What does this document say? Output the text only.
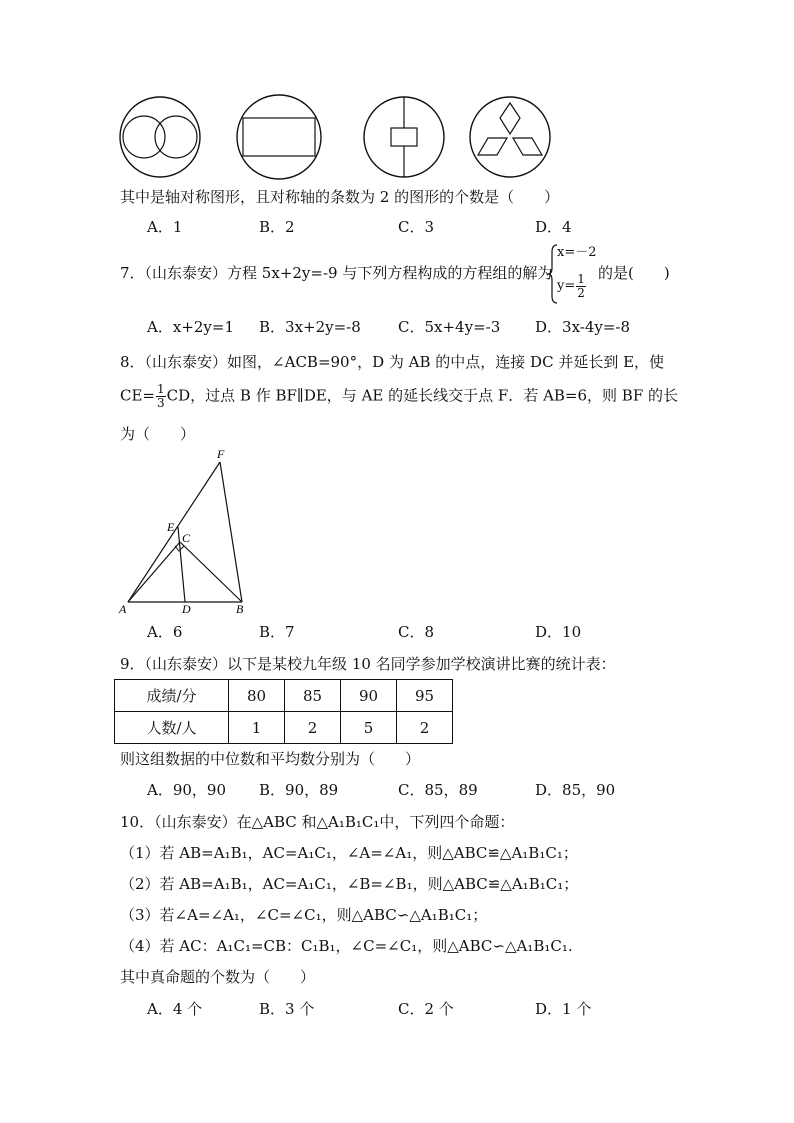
其中是轴对称图形，且对称轴的条数为 2 的图形的个数是（　　）
A．1	B．2	C．3	D．4
7．（山东泰安）方程 5x+2y=-9 与下列方程构成的方程组的解为
x=－2
$y= \frac{1}{2}$ 的是(　　)
A．x+2y=1 B．3x+2y=-8 C．5x+4y=-3 D．3x-4y=-8
8．（山东泰安）如图，∠ACB=90°，D 为 AB 的中点，连接 DC 并延长到 E，使
$CE= \frac{1}{3}$ CD，过点 B 作 BF∥DE，与 AE 的延长线交于点 F．若 AB=6，则 BF 的长
为（　　）
F
E
C
A	D	B
A．6	B．7	C．8	D．10
9．（山东泰安）以下是某校九年级 10 名同学参加学校演讲比赛的统计表：
成绩/分	80	85	90	95
人数/人	1	2	5	2
则这组数据的中位数和平均数分别为（　　）
A．90，90 B．90，89	C．85，89	D．85，90
10．（山东泰安）在△ABC 和△A₁B₁C₁中，下列四个命题：
（1）若 AB=A₁B₁，AC=A₁C₁，∠A=∠A₁，则△ABC≌△A₁B₁C₁；
（2）若 AB=A₁B₁，AC=A₁C₁，∠B=∠B₁，则△ABC≌△A₁B₁C₁；
（3）若∠A=∠A₁，∠C=∠C₁，则△ABC∽△A₁B₁C₁；
（4）若 AC：A₁C₁=CB：C₁B₁，∠C=∠C₁，则△ABC∽△A₁B₁C₁.
其中真命题的个数为（　　）
A．4 个	B．3 个	C．2 个	D．1 个
